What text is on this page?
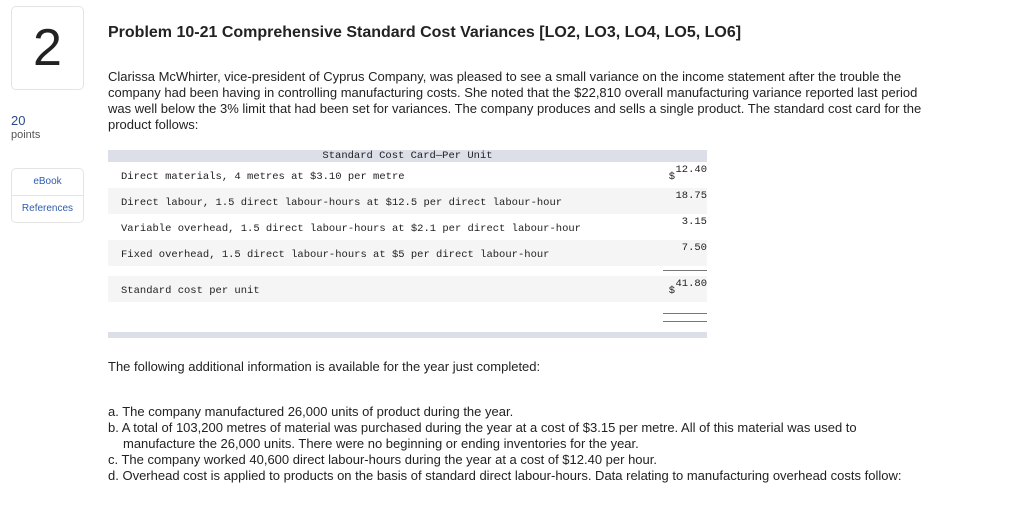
2
20
points
eBook
References
Problem 10-21 Comprehensive Standard Cost Variances [LO2, LO3, LO4, LO5, LO6]
Clarissa McWhirter, vice-president of Cyprus Company, was pleased to see a small variance on the income statement after the trouble the company had been having in controlling manufacturing costs. She noted that the $22,810 overall manufacturing variance reported last period was well below the 3% limit that had been set for variances. The company produces and sells a single product. The standard cost card for the product follows:
Standard Cost Card—Per Unit
Direct materials, 4 metres at $3.10 per metre	$
12.40
Direct labour, 1.5 direct labour-hours at $12.5 per direct labour-hour
18.75
Variable overhead, 1.5 direct labour-hours at $2.1 per direct labour-hour
3.15
Fixed overhead, 1.5 direct labour-hours at $5 per direct labour-hour
7.50
Standard cost per unit	$
41.80
The following additional information is available for the year just completed:
a. The company manufactured 26,000 units of product during the year.
b. A total of 103,200 metres of material was purchased during the year at a cost of $3.15 per metre. All of this material was used to manufacture the 26,000 units. There were no beginning or ending inventories for the year.
c. The company worked 40,600 direct labour-hours during the year at a cost of $12.40 per hour.
d. Overhead cost is applied to products on the basis of standard direct labour-hours. Data relating to manufacturing overhead costs follow:
